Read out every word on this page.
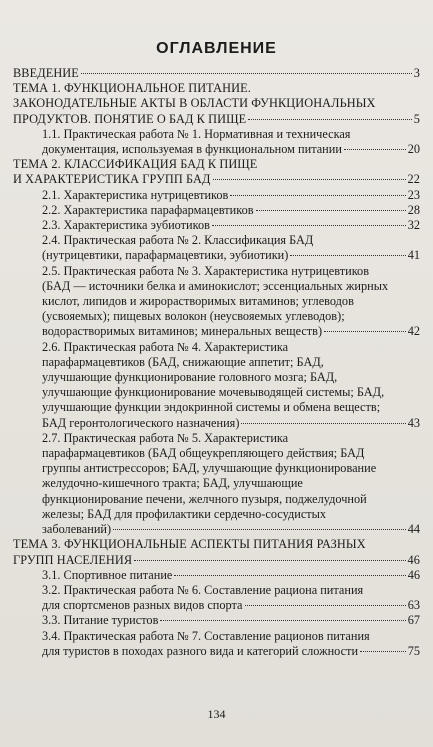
ОГЛАВЛЕНИЕ
ВВЕДЕНИЕ	3
ТЕМА 1. ФУНКЦИОНАЛЬНОЕ ПИТАНИЕ.
ЗАКОНОДАТЕЛЬНЫЕ АКТЫ В ОБЛАСТИ ФУНКЦИОНАЛЬНЫХ
ПРОДУКТОВ. ПОНЯТИЕ О БАД К ПИЩЕ	5
1.1. Практическая работа № 1. Нормативная и техническая
документация, используемая в функциональном питании	20
ТЕМА 2. КЛАССИФИКАЦИЯ БАД К ПИЩЕ
И ХАРАКТЕРИСТИКА ГРУПП БАД	22
2.1. Характеристика нутрицевтиков	23
2.2. Характеристика парафармацевтиков	28
2.3. Характеристика эубиотиков	32
2.4. Практическая работа № 2. Классификация БАД
(нутрицевтики, парафармацевтики, эубиотики)	41
2.5. Практическая работа № 3. Характеристика нутрицевтиков
(БАД — источники белка и аминокислот; эссенциальных жирных
кислот, липидов и жирорастворимых витаминов; углеводов
(усвояемых); пищевых волокон (неусвояемых углеводов);
водорастворимых витаминов; минеральных веществ)	42
2.6. Практическая работа № 4. Характеристика
парафармацевтиков (БАД, снижающие аппетит; БАД,
улучшающие функционирование головного мозга; БАД,
улучшающие функционирование мочевыводящей системы; БАД,
улучшающие функции эндокринной системы и обмена веществ;
БАД геронтологического назначения)	43
2.7. Практическая работа № 5. Характеристика
парафармацевтиков (БАД общеукрепляющего действия; БАД
группы антистрессоров; БАД, улучшающие функционирование
желудочно-кишечного тракта; БАД, улучшающие
функционирование печени, желчного пузыря, поджелудочной
железы; БАД для профилактики сердечно-сосудистых
заболеваний)	44
ТЕМА 3. ФУНКЦИОНАЛЬНЫЕ АСПЕКТЫ ПИТАНИЯ РАЗНЫХ
ГРУПП НАСЕЛЕНИЯ	46
3.1. Спортивное питание	46
3.2. Практическая работа № 6. Составление рациона питания
для спортсменов разных видов спорта	63
3.3. Питание туристов	67
3.4. Практическая работа № 7. Составление рационов питания
для туристов в походах разного вида и категорий сложности	75
134
